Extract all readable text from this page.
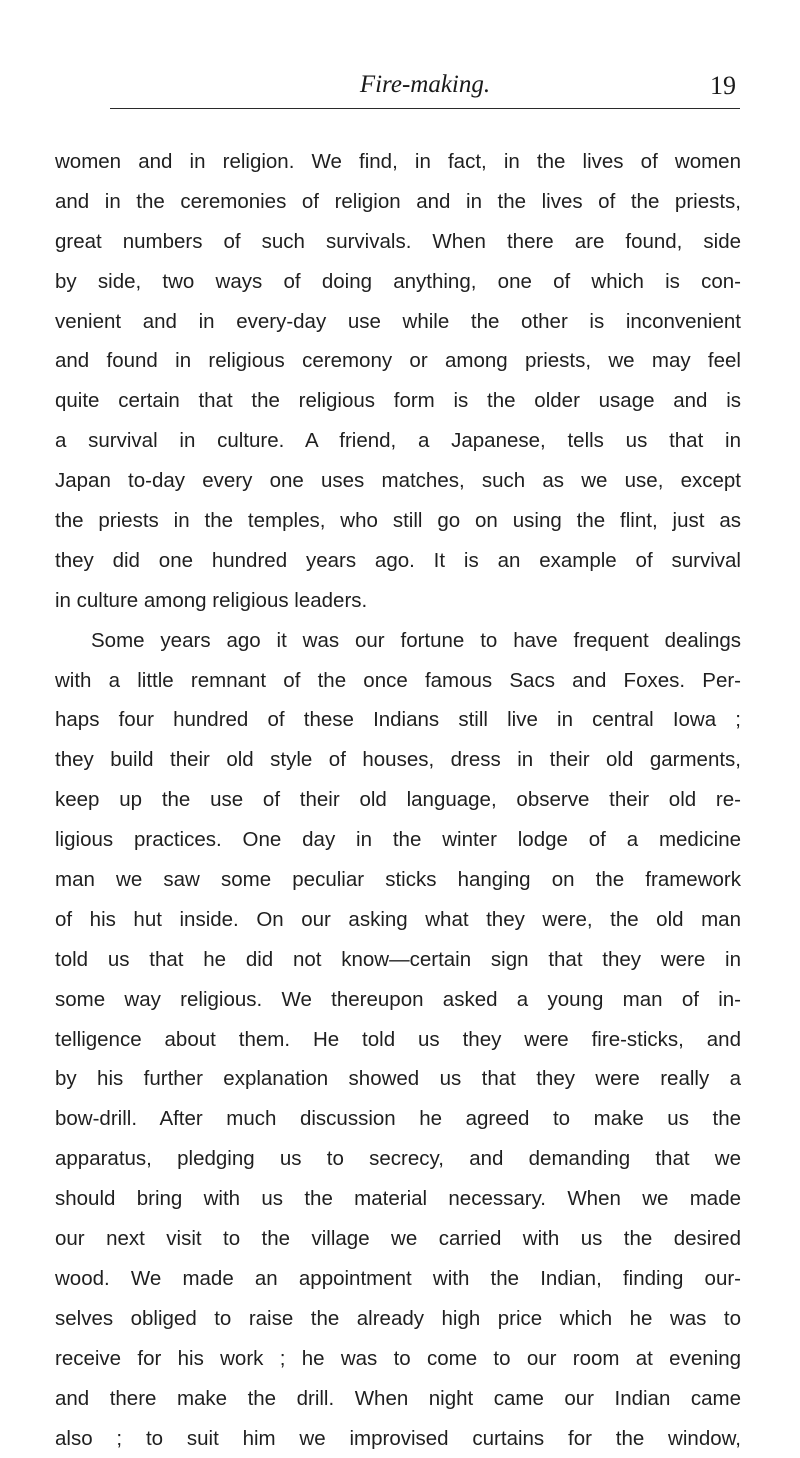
Fire-making.	19
women and in religion. We find, in fact, in the lives of women
and in the ceremonies of religion and in the lives of the priests,
great numbers of such survivals. When there are found, side
by side, two ways of doing anything, one of which is con-
venient and in every-day use while the other is inconvenient
and found in religious ceremony or among priests, we may feel
quite certain that the religious form is the older usage and is
a survival in culture. A friend, a Japanese, tells us that in
Japan to-day every one uses matches, such as we use, except
the priests in the temples, who still go on using the flint, just as
they did one hundred years ago. It is an example of survival
in culture among religious leaders.
Some years ago it was our fortune to have frequent dealings
with a little remnant of the once famous Sacs and Foxes. Per-
haps four hundred of these Indians still live in central Iowa ;
they build their old style of houses, dress in their old garments,
keep up the use of their old language, observe their old re-
ligious practices. One day in the winter lodge of a medicine
man we saw some peculiar sticks hanging on the framework
of his hut inside. On our asking what they were, the old man
told us that he did not know—certain sign that they were in
some way religious. We thereupon asked a young man of in-
telligence about them. He told us they were fire-sticks, and
by his further explanation showed us that they were really a
bow-drill. After much discussion he agreed to make us the
apparatus, pledging us to secrecy, and demanding that we
should bring with us the material necessary. When we made
our next visit to the village we carried with us the desired
wood. We made an appointment with the Indian, finding our-
selves obliged to raise the already high price which he was to
receive for his work ; he was to come to our room at evening
and there make the drill. When night came our Indian came
also ; to suit him we improvised curtains for the window,
